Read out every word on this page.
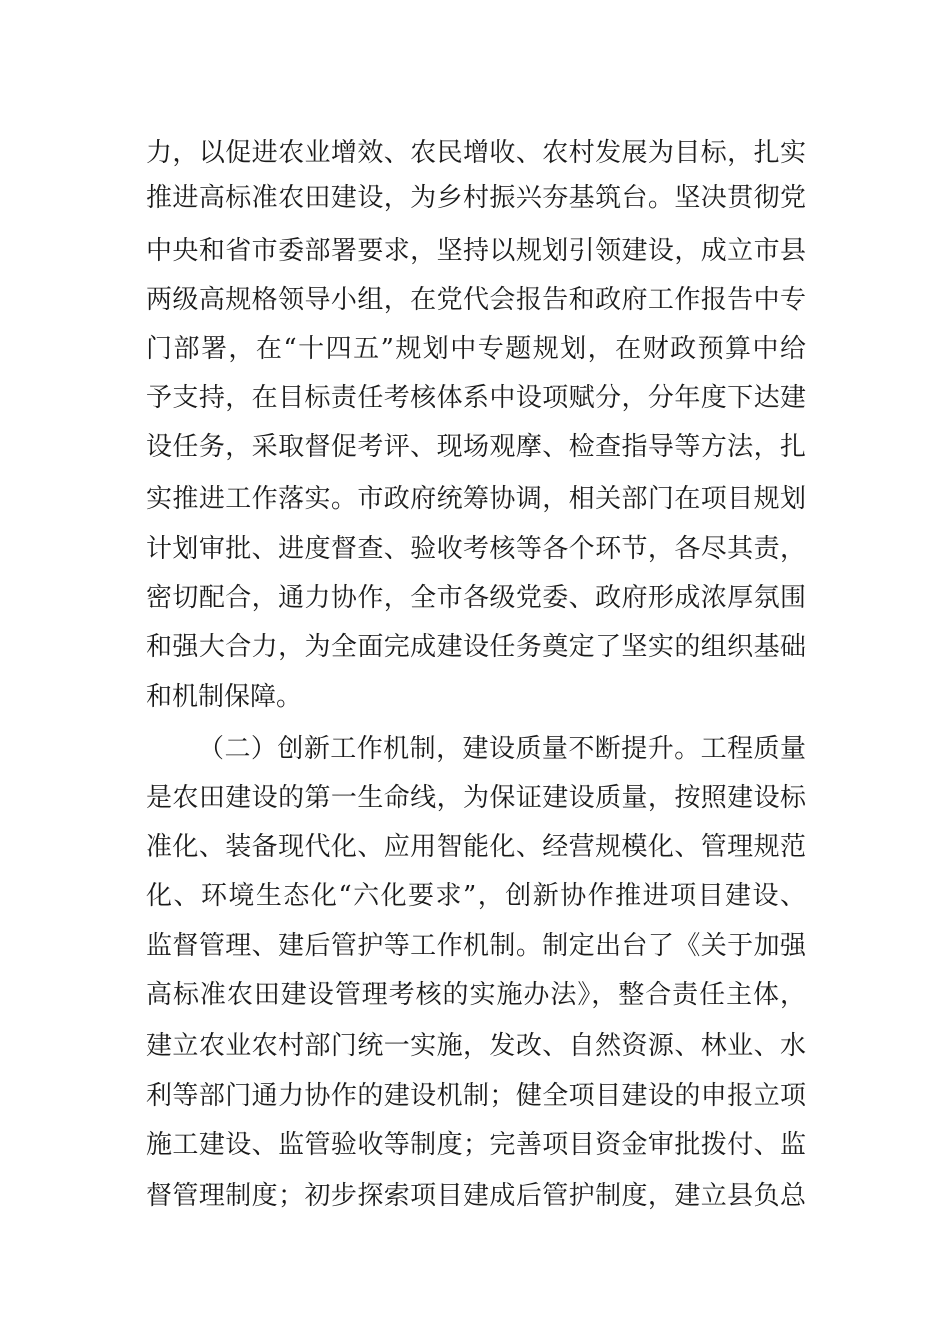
力，以促进农业增效、农民增收、农村发展为目标，扎实
推进高标准农田建设，为乡村振兴夯基筑台。坚决贯彻党
中央和省市委部署要求，坚持以规划引领建设，成立市县
两级高规格领导小组，在党代会报告和政府工作报告中专
门部署，在“十四五”规划中专题规划，在财政预算中给
予支持，在目标责任考核体系中设项赋分，分年度下达建
设任务，采取督促考评、现场观摩、检查指导等方法，扎
实推进工作落实。市政府统筹协调，相关部门在项目规划
计划审批、进度督查、验收考核等各个环节，各尽其责，
密切配合，通力协作，全市各级党委、政府形成浓厚氛围
和强大合力，为全面完成建设任务奠定了坚实的组织基础
和机制保障。
（二）创新工作机制，建设质量不断提升。工程质量
是农田建设的第一生命线，为保证建设质量，按照建设标
准化、装备现代化、应用智能化、经营规模化、管理规范
化、环境生态化“六化要求”，创新协作推进项目建设、
监督管理、建后管护等工作机制。制定出台了《关于加强
高标准农田建设管理考核的实施办法》，整合责任主体，
建立农业农村部门统一实施，发改、自然资源、林业、水
利等部门通力协作的建设机制；健全项目建设的申报立项
施工建设、监管验收等制度；完善项目资金审批拨付、监
督管理制度；初步探索项目建成后管护制度，建立县负总
